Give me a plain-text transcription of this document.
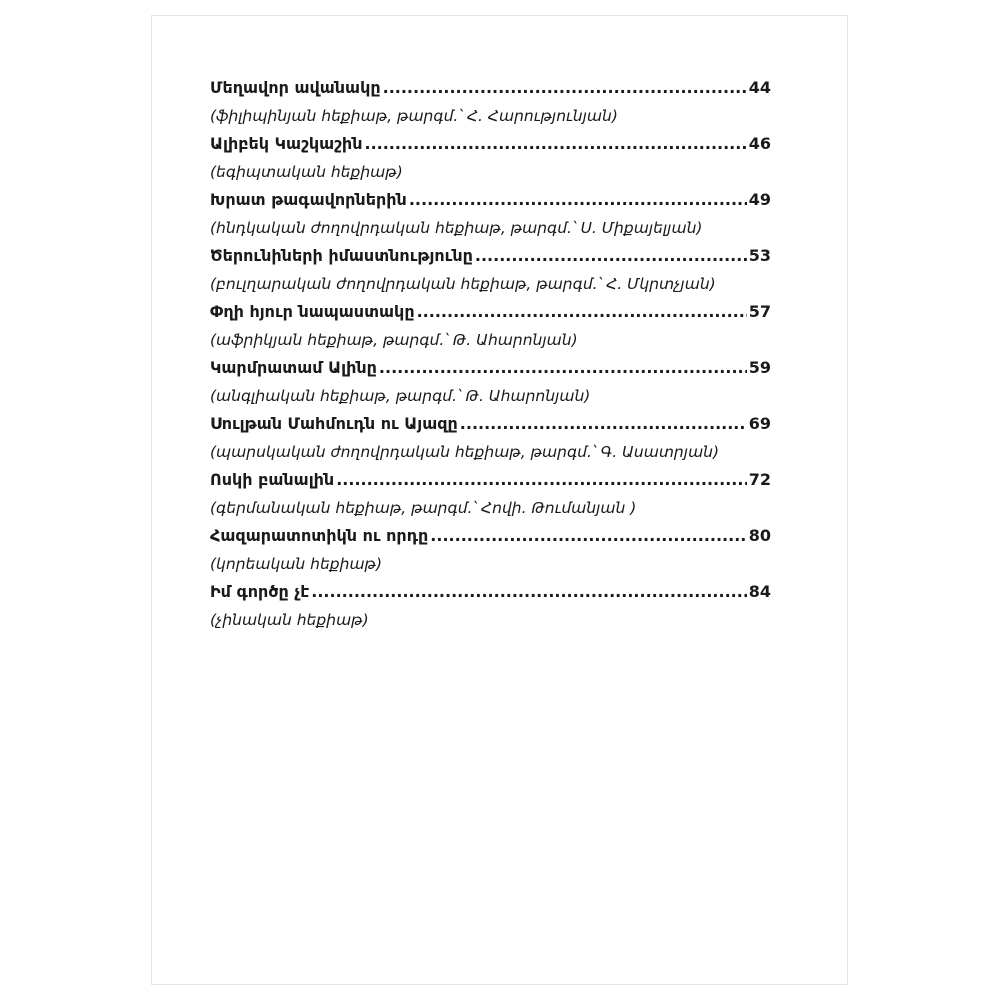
Մեղավոր ավանակը .....	44
(ֆիլիպինյան հեքիաթ, թարգմ.՝ Հ. Հարությունյան)
Ալիբեկ Կաշկաշին .....	46
(եգիպտական հեքիաթ)
Խրատ թագավորներին .....	49
(հնդկական ժողովրդական հեքիաթ, թարգմ.՝ Ս. Միքայելյան)
Ծերունիների իմաստնությունը .....	53
(բուլղարական ժողովրդական հեքիաթ, թարգմ.՝ Հ. Մկրտչյան)
Փղի հյուր նապաստակը .....	57
(աֆրիկյան հեքիաթ, թարգմ.՝ Թ. Աhարոնյան)
Կարմրատամ Ալինը .....	59
(անգլիական հեքիաթ, թարգմ.՝ Թ. Աhարոնյան)
Սուլթան Մահմուդն ու Այազը .....	69
(պարսկական ժողովրդական հեքիաթ, թարգմ.՝ Գ. Ասատրյան)
Ոսկի բանալին .....	72
(գերմանական հեքիաթ, թարգմ.՝ Հովի. Թումանյան )
Հազարատոտիկն ու որդը .....	80
(կորեական հեքիաթ)
Իմ գործը չէ .....	84
(չինական հեքիաթ)
